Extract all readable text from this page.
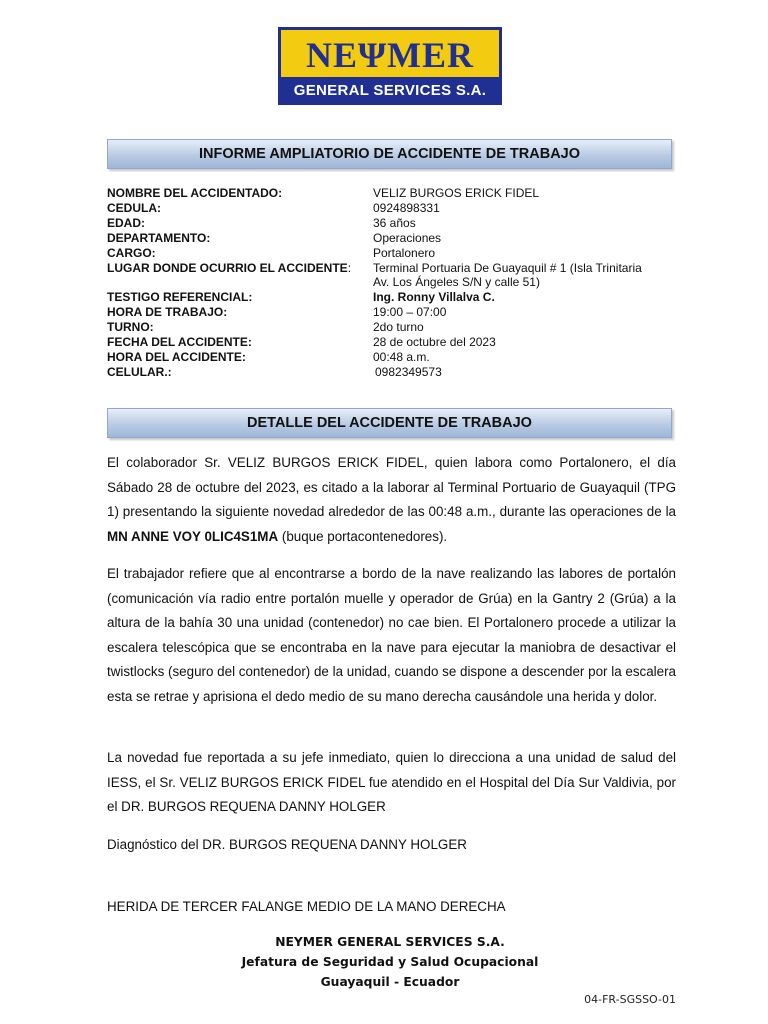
NEΨMER
GENERAL SERVICES S.A.
INFORME AMPLIATORIO DE ACCIDENTE DE TRABAJO
NOMBRE DEL ACCIDENTADO:	VELIZ BURGOS ERICK FIDEL
CEDULA:	0924898331
EDAD:	36 años
DEPARTAMENTO:	Operaciones
CARGO:	Portalonero
LUGAR DONDE OCURRIO EL ACCIDENTE: Terminal Portuaria De Guayaquil # 1 (Isla Trinitaria
Av. Los Ángeles S/N y calle 51)
TESTIGO REFERENCIAL:	Ing. Ronny Villalva C.
HORA DE TRABAJO:	19:00 – 07:00
TURNO:	2do turno
FECHA DEL ACCIDENTE:	28 de octubre del 2023
HORA DEL ACCIDENTE:	00:48 a.m.
CELULAR.:	0982349573
DETALLE DEL ACCIDENTE DE TRABAJO

El colaborador Sr. VELIZ BURGOS ERICK FIDEL, quien labora como Portalonero, el día Sábado 28 de octubre del 2023, es citado a la laborar al Terminal Portuario de Guayaquil (TPG 1) presentando la siguiente novedad alrededor de las 00:48 a.m., durante las operaciones de la MN ANNE VOY 0LIC4S1MA (buque portacontenedores).

El trabajador refiere que al encontrarse a bordo de la nave realizando las labores de portalón (comunicación vía radio entre portalón muelle y operador de Grúa) en la Gantry 2 (Grúa) a la altura de la bahía 30 una unidad (contenedor) no cae bien. El Portalonero procede a utilizar la escalera telescópica que se encontraba en la nave para ejecutar la maniobra de desactivar el twistlocks (seguro del contenedor) de la unidad, cuando se dispone a descender por la escalera esta se retrae y aprisiona el dedo medio de su mano derecha causándole una herida y dolor.

La novedad fue reportada a su jefe inmediato, quien lo direcciona a una unidad de salud del IESS, el Sr. VELIZ BURGOS ERICK FIDEL fue atendido en el Hospital del Día Sur Valdivia, por el DR. BURGOS REQUENA DANNY HOLGER

Diagnóstico del DR. BURGOS REQUENA DANNY HOLGER

HERIDA DE TERCER FALANGE MEDIO DE LA MANO DERECHA

NEYMER GENERAL SERVICES S.A.
Jefatura de Seguridad y Salud Ocupacional
Guayaquil - Ecuador
04-FR-SGSSO-01
